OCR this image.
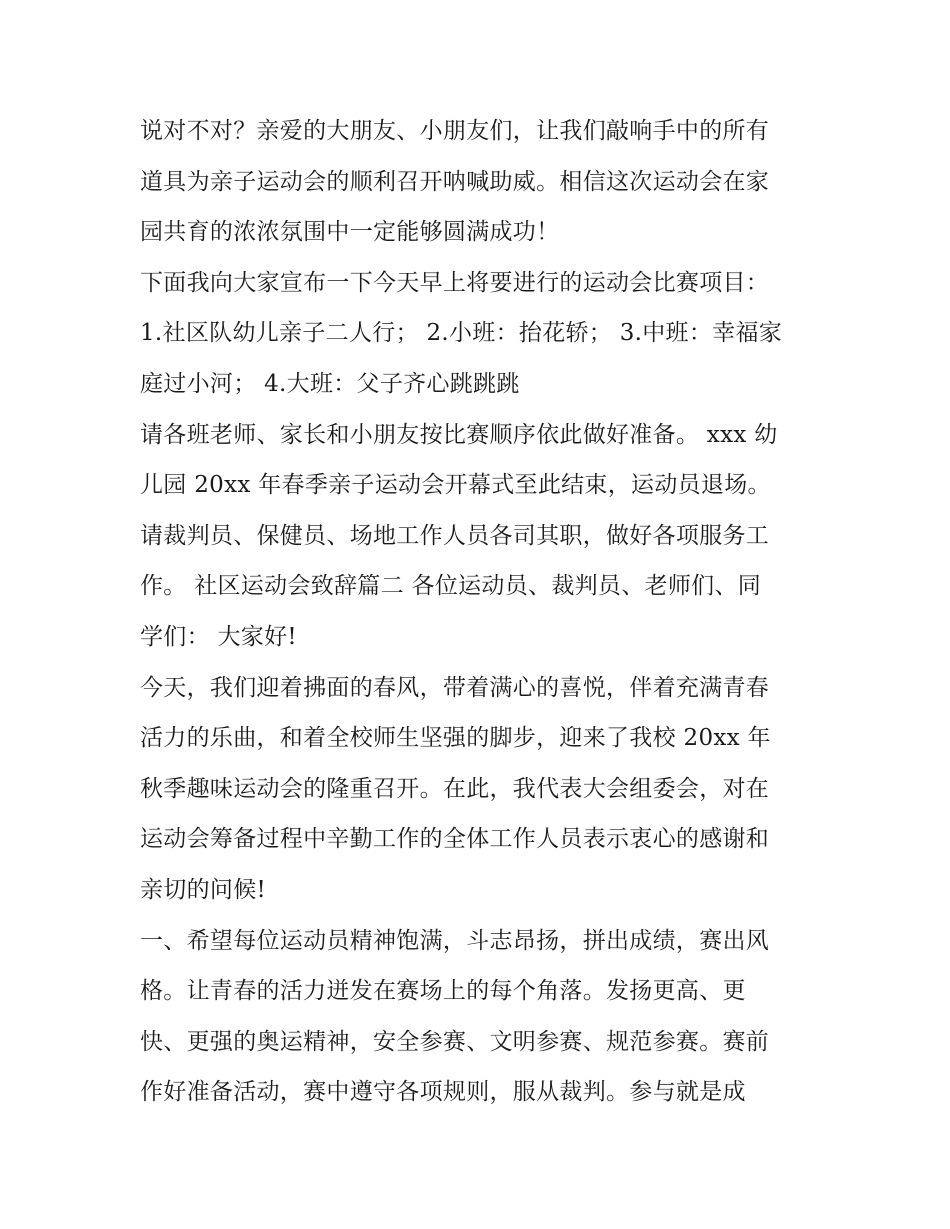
说对不对？亲爱的大朋友、小朋友们，让我们敲响手中的所有
道具为亲子运动会的顺利召开呐喊助威。相信这次运动会在家
园共育的浓浓氛围中一定能够圆满成功！

下面我向大家宣布一下今天早上将要进行的运动会比赛项目：
1.社区队幼儿亲子二人行； 2.小班：抬花轿； 3.中班：幸福家
庭过小河； 4.大班：父子齐心跳跳跳

请各班老师、家长和小朋友按比赛顺序依此做好准备。 xxx 幼
儿园 20xx 年春季亲子运动会开幕式至此结束，运动员退场。
请裁判员、保健员、场地工作人员各司其职，做好各项服务工
作。 社区运动会致辞篇二 各位运动员、裁判员、老师们、同
学们： 大家好!

今天，我们迎着拂面的春风，带着满心的喜悦，伴着充满青春
活力的乐曲，和着全校师生坚强的脚步，迎来了我校 20xx 年
秋季趣味运动会的隆重召开。在此，我代表大会组委会，对在
运动会筹备过程中辛勤工作的全体工作人员表示衷心的感谢和
亲切的问候!

一、希望每位运动员精神饱满，斗志昂扬，拼出成绩，赛出风
格。让青春的活力迸发在赛场上的每个角落。发扬更高、更
快、更强的奥运精神，安全参赛、文明参赛、规范参赛。赛前
作好准备活动，赛中遵守各项规则，服从裁判。参与就是成
